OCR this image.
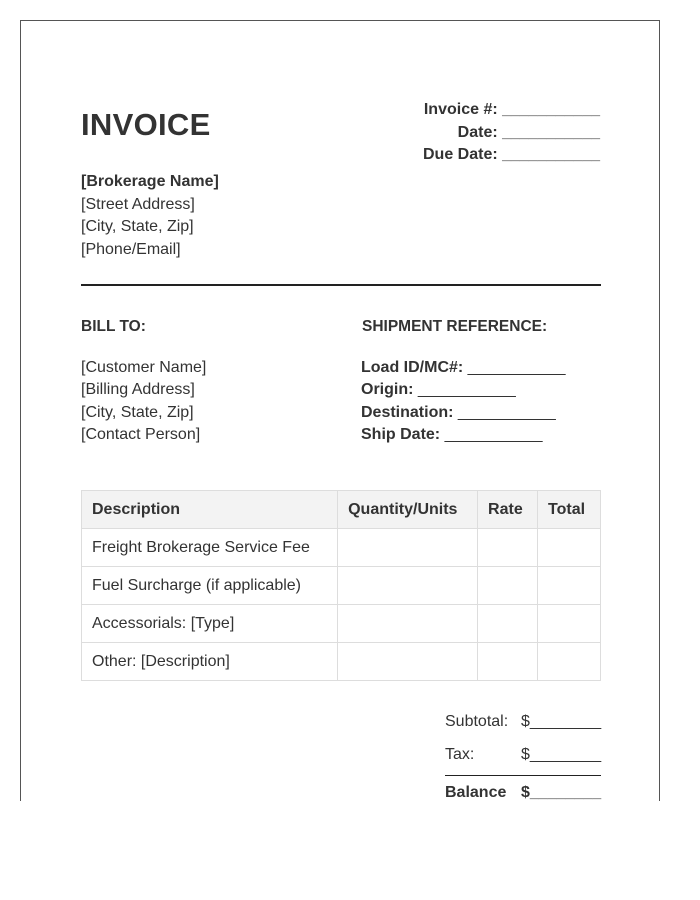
INVOICE	Invoice #: ___________
Date: ___________
Due Date: ___________
[Brokerage Name]
[Street Address]
[City, State, Zip]
[Phone/Email]
BILL TO:	SHIPMENT REFERENCE:
[Customer Name]
[Billing Address]
[City, State, Zip]
[Contact Person]
Load ID/MC#: ___________
Origin: ___________
Destination: ___________
Ship Date: ___________
Description	Quantity/Units	Rate	Total
Freight Brokerage Service Fee			
Fuel Surcharge (if applicable)			
Accessorials: [Type]			
Other: [Description]			
Subtotal: $________
Tax:	$________
Balance $________
